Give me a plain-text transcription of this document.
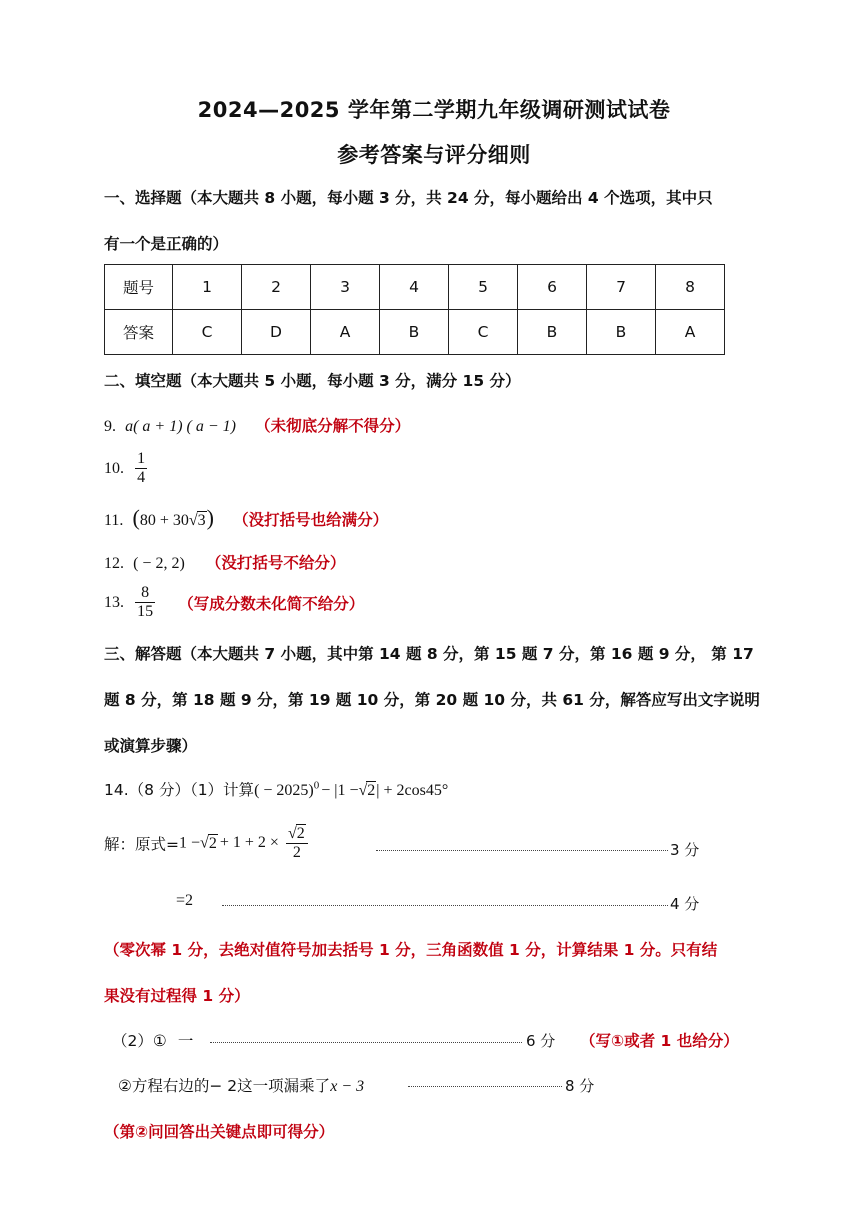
2024—2025 学年第二学期九年级调研测试试卷
参考答案与评分细则
一、选择题（本大题共 8 小题，每小题 3 分，共 24 分，每小题给出 4 个选项，其中只
有一个是正确的）
题号	1	2	3	4	5	6	7	8
答案	C	D	A	B	C	B	B	A
二、填空题（本大题共 5 小题，每小题 3 分，满分 15 分）
9. a( a + 1) ( a − 1) （未彻底分解不得分）
10. $\frac{1}{4}$
11. (80 + 30√3) （没打括号也给满分）
12. ( − 2, 2) （没打括号不给分）
13. $\frac{8}{15}$ （写成分数未化简不给分）
三、解答题（本大题共 7 小题，其中第 14 题 8 分，第 15 题 7 分，第 16 题 9 分， 第 17
题 8 分，第 18 题 9 分，第 19 题 10 分，第 20 题 10 分，共 61 分，解答应写出文字说明
或演算步骤）
14.（8 分）（1）计算( − 2025)$^0$ − |1 −√2| + 2cos45°
解：原式$=1 -√2 + 1 + 2 \times \frac{√2}{2}$	3 分
=2	4 分
（零次幂 1 分，去绝对值符号加去括号 1 分，三角函数值 1 分，计算结果 1 分。只有结
果没有过程得 1 分）
（2）① 一	6 分 （写①或者 1 也给分）
②方程右边的− 2这一项漏乘了x − 3	8 分
（第②问回答出关键点即可得分）
